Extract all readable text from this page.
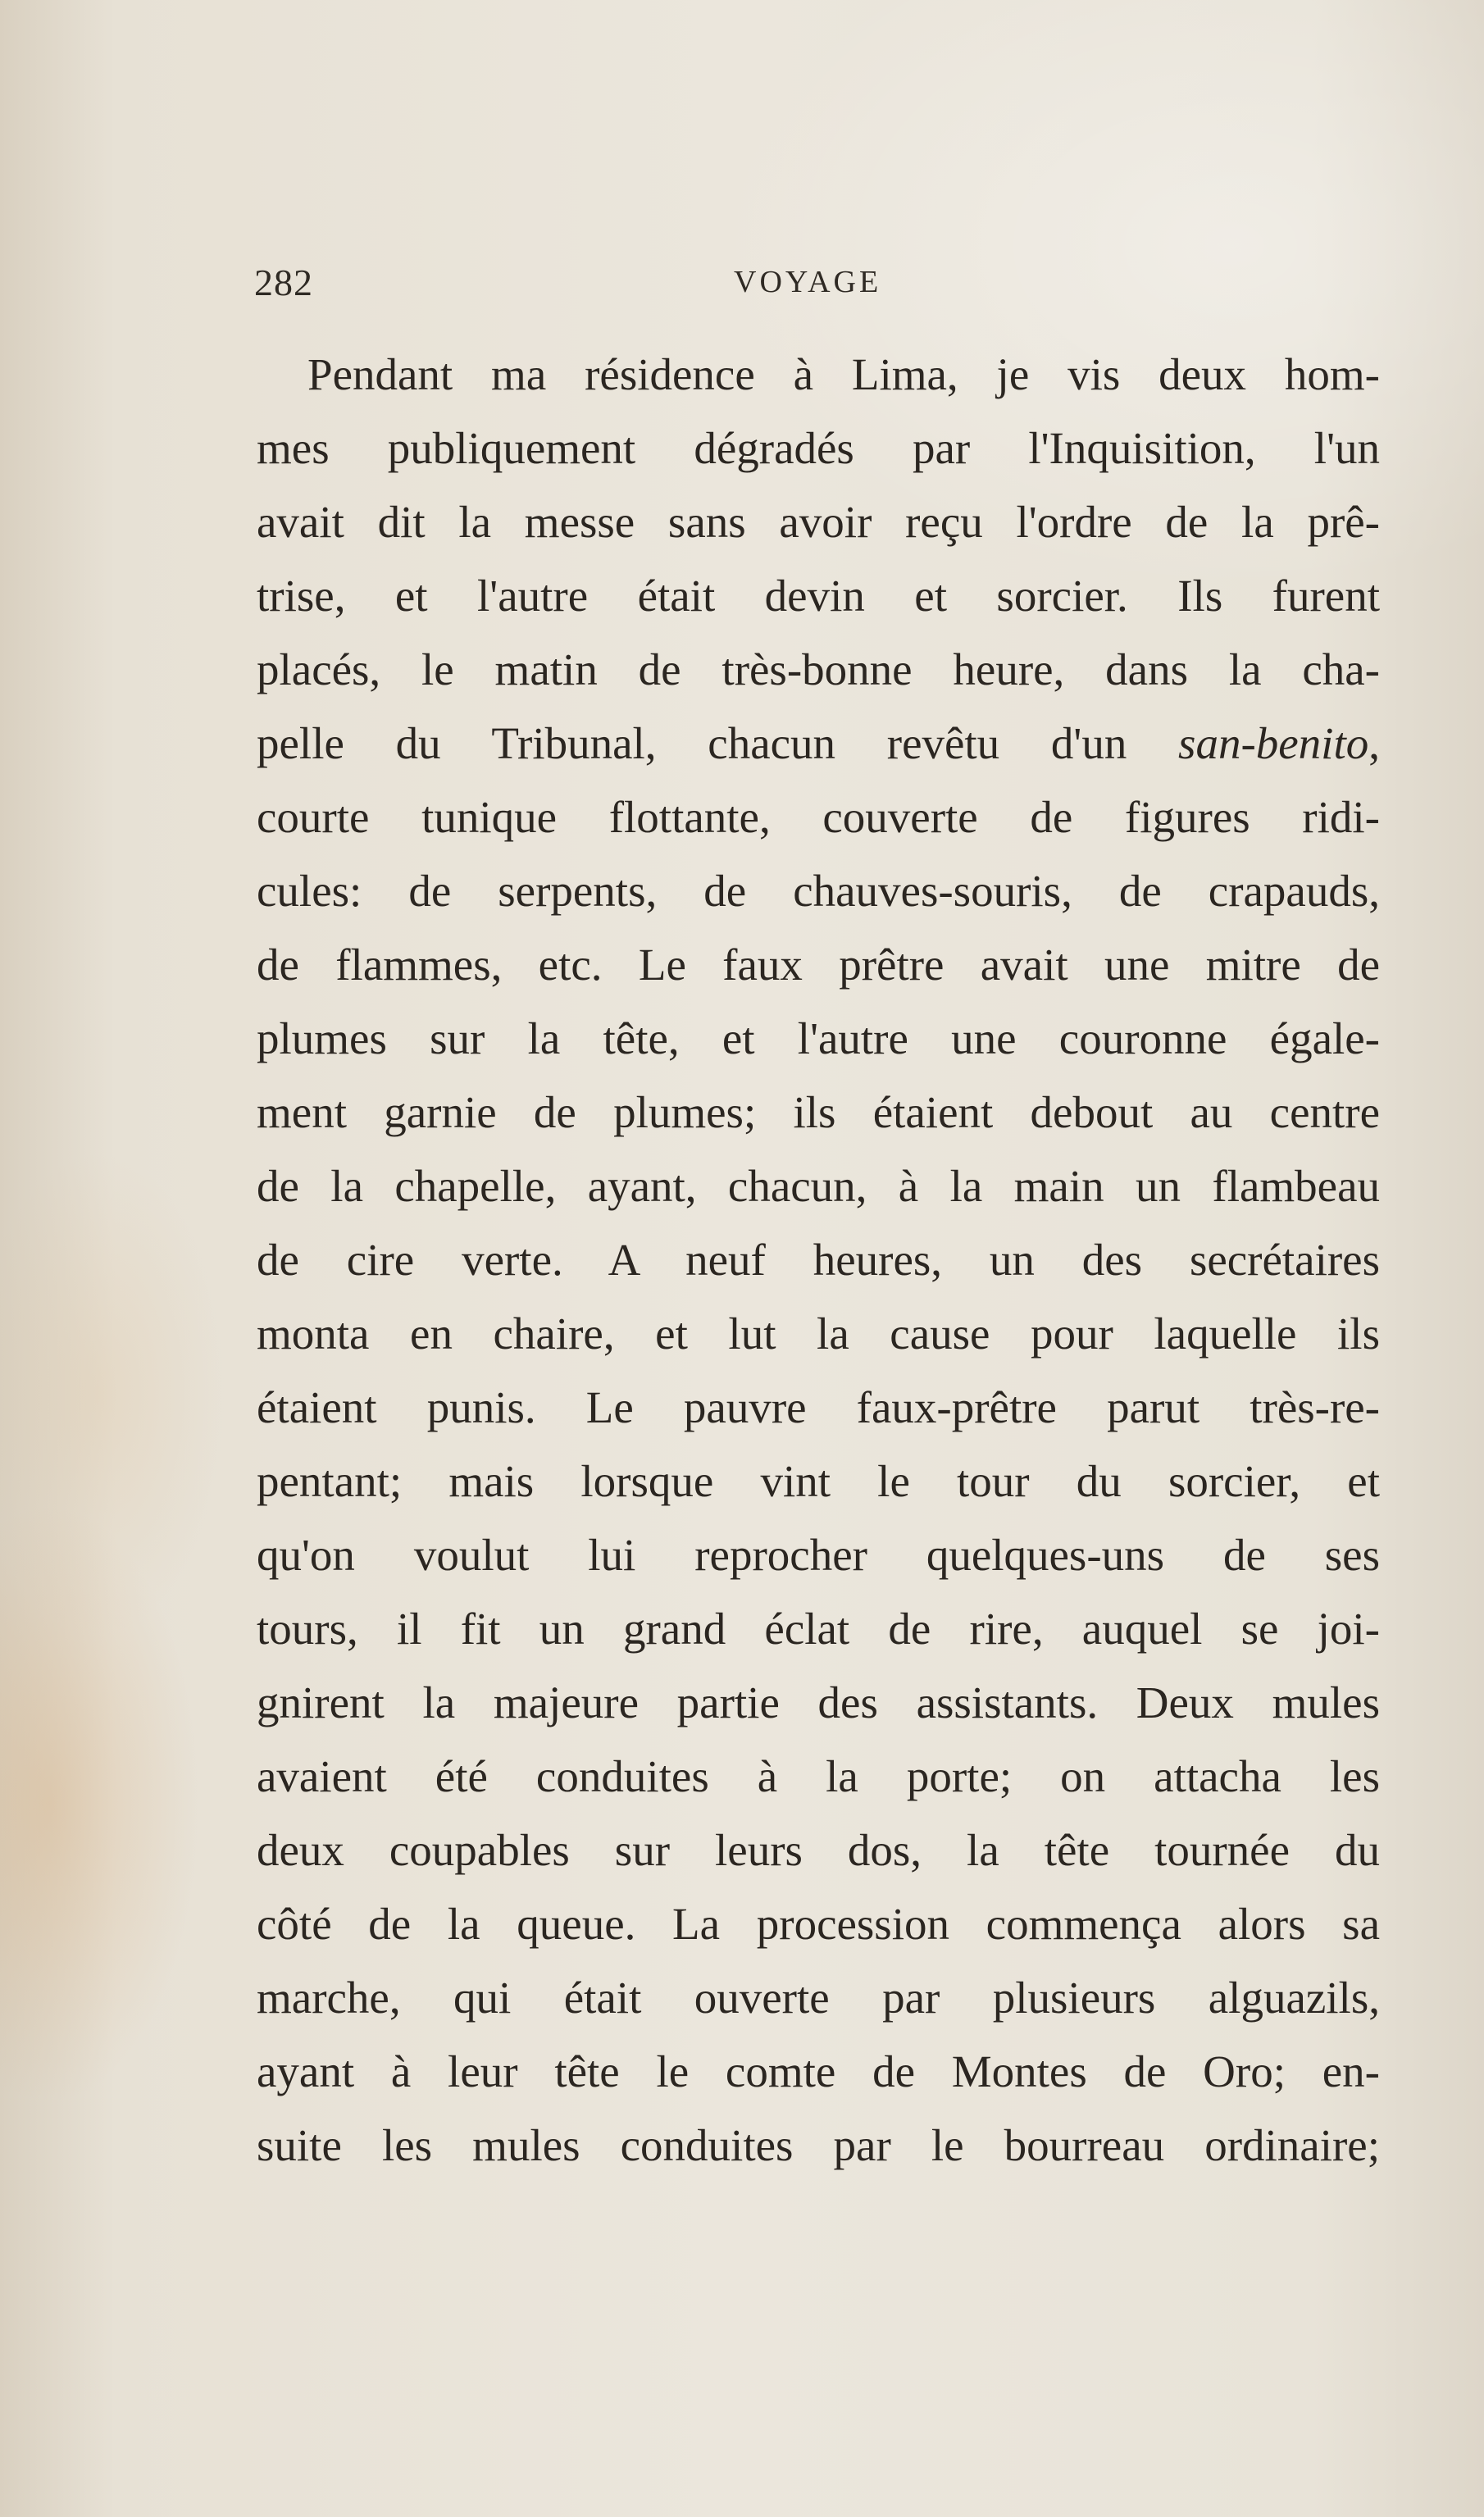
282	VOYAGE
Pendant ma résidence à Lima, je vis deux hom-
mes publiquement dégradés par l'Inquisition, l'un
avait dit la messe sans avoir reçu l'ordre de la prê-
trise, et l'autre était devin et sorcier. Ils furent
placés, le matin de très-bonne heure, dans la cha-
pelle du Tribunal, chacun revêtu d'un san-benito,
courte tunique flottante, couverte de figures ridi-
cules: de serpents, de chauves-souris, de crapauds,
de flammes, etc. Le faux prêtre avait une mitre de
plumes sur la tête, et l'autre une couronne égale-
ment garnie de plumes; ils étaient debout au centre
de la chapelle, ayant, chacun, à la main un flambeau
de cire verte. A neuf heures, un des secrétaires
monta en chaire, et lut la cause pour laquelle ils
étaient punis. Le pauvre faux-prêtre parut très-re-
pentant; mais lorsque vint le tour du sorcier, et
qu'on voulut lui reprocher quelques-uns de ses
tours, il fit un grand éclat de rire, auquel se joi-
gnirent la majeure partie des assistants. Deux mules
avaient été conduites à la porte; on attacha les
deux coupables sur leurs dos, la tête tournée du
côté de la queue. La procession commença alors sa
marche, qui était ouverte par plusieurs alguazils,
ayant à leur tête le comte de Montes de Oro; en-
suite les mules conduites par le bourreau ordinaire;
